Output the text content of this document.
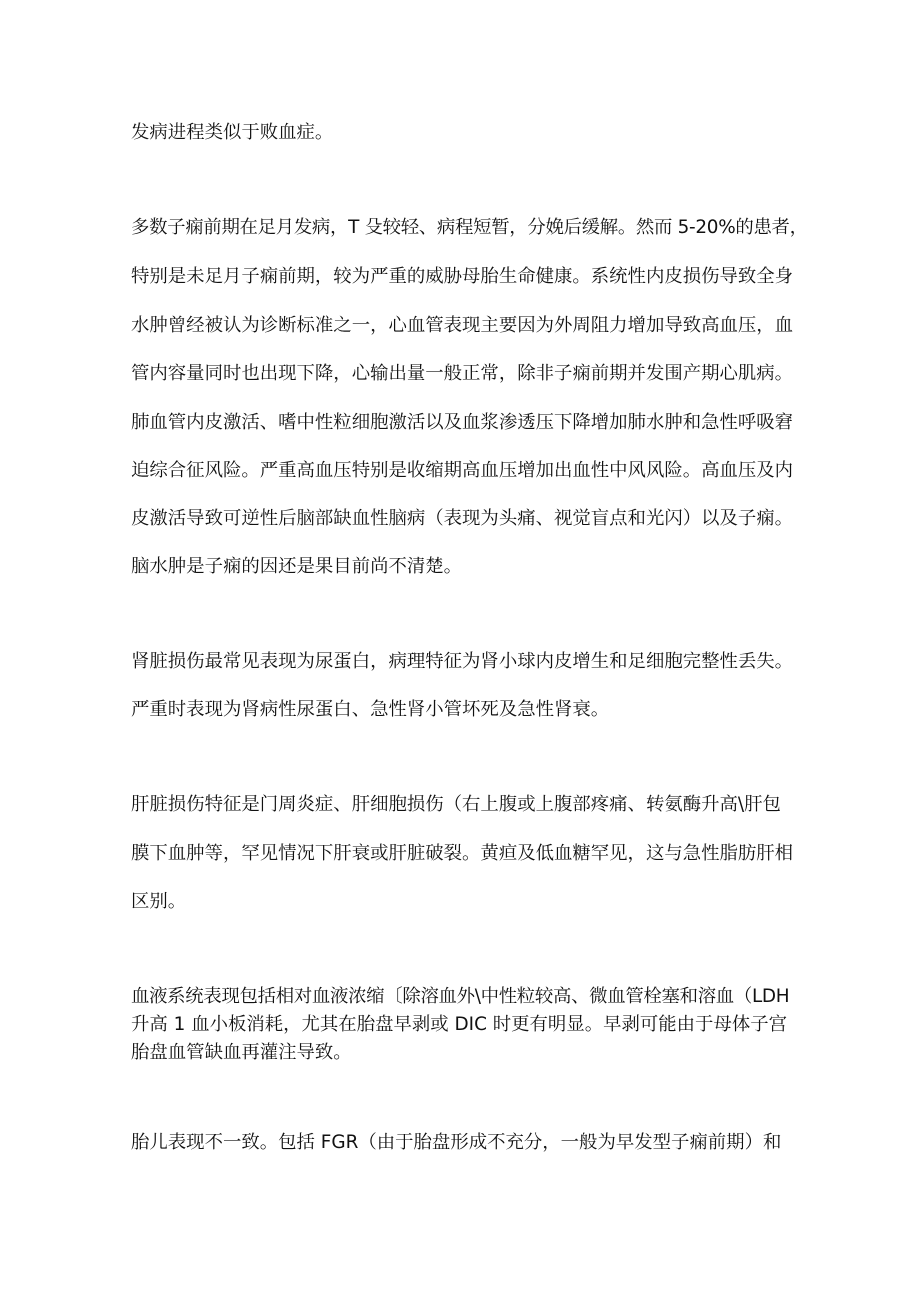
发病进程类似于败血症。
多数子痫前期在足月发病，T 殳较轻、病程短暂，分娩后缓解。然而 5-20%的患者，
特别是未足月子痫前期，较为严重的威胁母胎生命健康。系统性内皮损伤导致全身
水肿曾经被认为诊断标准之一，心血管表现主要因为外周阻力增加导致高血压，血
管内容量同时也出现下降，心输出量一般正常，除非子痫前期并发围产期心肌病。
肺血管内皮激活、嗜中性粒细胞激活以及血浆渗透压下降增加肺水肿和急性呼吸窘
迫综合征风险。严重高血压特别是收缩期高血压增加出血性中风风险。高血压及内
皮激活导致可逆性后脑部缺血性脑病（表现为头痛、视觉盲点和光闪）以及子痫。
脑水肿是子痫的因还是果目前尚不清楚。
肾脏损伤最常见表现为尿蛋白，病理特征为肾小球内皮增生和足细胞完整性丢失。
严重时表现为肾病性尿蛋白、急性肾小管坏死及急性肾衰。
肝脏损伤特征是门周炎症、肝细胞损伤（右上腹或上腹部疼痛、转氨酶升高\肝包
膜下血肿等，罕见情况下肝衰或肝脏破裂。黄疸及低血糖罕见，这与急性脂肪肝相
区别。
血液系统表现包括相对血液浓缩〔除溶血外\中性粒较高、微血管栓塞和溶血（LDH
升高 1 血小板消耗，尤其在胎盘早剥或 DIC 时更有明显。早剥可能由于母体子宫
胎盘血管缺血再灌注导致。
胎儿表现不一致。包括 FGR（由于胎盘形成不充分，一般为早发型子痫前期）和
